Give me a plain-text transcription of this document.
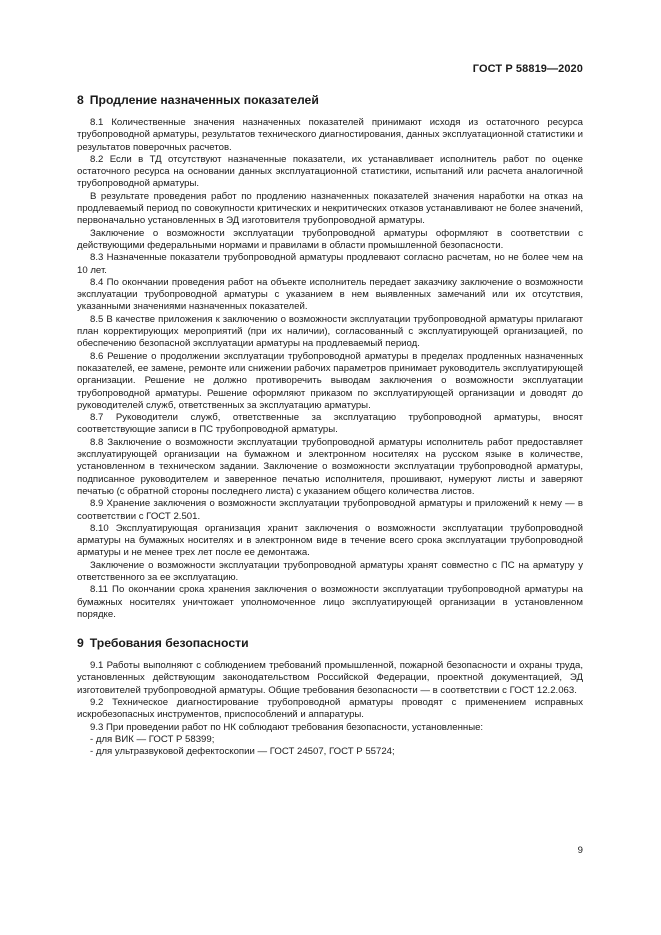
ГОСТ Р 58819—2020
8 Продление назначенных показателей

8.1 Количественные значения назначенных показателей принимают исходя из остаточного ресурса трубопроводной арматуры, результатов технического диагностирования, данных эксплуатационной статистики и результатов поверочных расчетов.

8.2 Если в ТД отсутствуют назначенные показатели, их устанавливает исполнитель работ по оценке остаточного ресурса на основании данных эксплуатационной статистики, испытаний или расчета аналогичной трубопроводной арматуры.

В результате проведения работ по продлению назначенных показателей значения наработки на отказ на продлеваемый период по совокупности критических и некритических отказов устанавливают не более значений, первоначально установленных в ЭД изготовителя трубопроводной арматуры.

Заключение о возможности эксплуатации трубопроводной арматуры оформляют в соответствии с действующими федеральными нормами и правилами в области промышленной безопасности.

8.3 Назначенные показатели трубопроводной арматуры продлевают согласно расчетам, но не более чем на 10 лет.

8.4 По окончании проведения работ на объекте исполнитель передает заказчику заключение о возможности эксплуатации трубопроводной арматуры с указанием в нем выявленных замечаний или их отсутствия, указанными значениями назначенных показателей.

8.5 В качестве приложения к заключению о возможности эксплуатации трубопроводной арматуры прилагают план корректирующих мероприятий (при их наличии), согласованный с эксплуатирующей организацией, по обеспечению безопасной эксплуатации арматуры на продлеваемый период.

8.6 Решение о продолжении эксплуатации трубопроводной арматуры в пределах продленных назначенных показателей, ее замене, ремонте или снижении рабочих параметров принимает руководитель эксплуатирующей организации. Решение не должно противоречить выводам заключения о возможности эксплуатации трубопроводной арматуры. Решение оформляют приказом по эксплуатирующей организации и доводят до руководителей служб, ответственных за эксплуатацию арматуры.

8.7 Руководители служб, ответственные за эксплуатацию трубопроводной арматуры, вносят соответствующие записи в ПС трубопроводной арматуры.

8.8 Заключение о возможности эксплуатации трубопроводной арматуры исполнитель работ предоставляет эксплуатирующей организации на бумажном и электронном носителях на русском языке в количестве, установленном в техническом задании. Заключение о возможности эксплуатации трубопроводной арматуры, подписанное руководителем и заверенное печатью исполнителя, прошивают, нумеруют листы и заверяют печатью (с обратной стороны последнего листа) с указанием общего количества листов.

8.9 Хранение заключения о возможности эксплуатации трубопроводной арматуры и приложений к нему — в соответствии с ГОСТ 2.501.

8.10 Эксплуатирующая организация хранит заключения о возможности эксплуатации трубопроводной арматуры на бумажных носителях и в электронном виде в течение всего срока эксплуатации трубопроводной арматуры и не менее трех лет после ее демонтажа.

Заключение о возможности эксплуатации трубопроводной арматуры хранят совместно с ПС на арматуру у ответственного за ее эксплуатацию.

8.11 По окончании срока хранения заключения о возможности эксплуатации трубопроводной арматуры на бумажных носителях уничтожает уполномоченное лицо эксплуатирующей организации в установленном порядке.

9 Требования безопасности

9.1 Работы выполняют с соблюдением требований промышленной, пожарной безопасности и охраны труда, установленных действующим законодательством Российской Федерации, проектной документацией, ЭД изготовителей трубопроводной арматуры. Общие требования безопасности — в соответствии с ГОСТ 12.2.063.

9.2 Техническое диагностирование трубопроводной арматуры проводят с применением исправных искробезопасных инструментов, приспособлений и аппаратуры.

9.3 При проведении работ по НК соблюдают требования безопасности, установленные:

- для ВИК — ГОСТ Р 58399;

- для ультразвуковой дефектоскопии — ГОСТ 24507, ГОСТ Р 55724;

9
